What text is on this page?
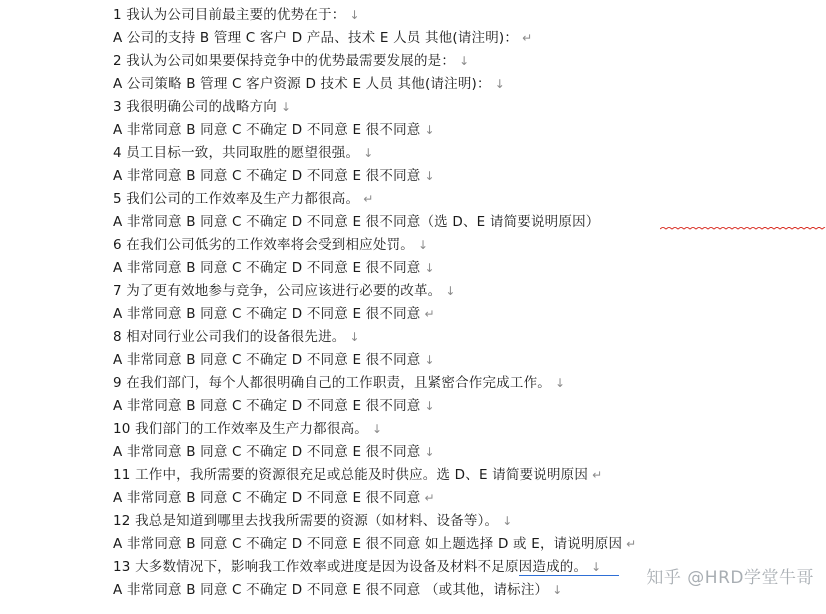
1 我认为公司目前最主要的优势在于： ↓
A 公司的支持 B 管理 C 客户 D 产品、技术 E 人员 其他(请注明)： ↵
2 我认为公司如果要保持竞争中的优势最需要发展的是： ↓
A 公司策略 B 管理 C 客户资源 D 技术 E 人员 其他(请注明)： ↓
3 我很明确公司的战略方向 ↓
A 非常同意 B 同意 C 不确定 D 不同意 E 很不同意 ↓
4 员工目标一致，共同取胜的愿望很强。 ↓
A 非常同意 B 同意 C 不确定 D 不同意 E 很不同意 ↓
5 我们公司的工作效率及生产力都很高。 ↵
A 非常同意 B 同意 C 不确定 D 不同意 E 很不同意（选 D、E 请简要说明原因）
6 在我们公司低劣的工作效率将会受到相应处罚。 ↓
A 非常同意 B 同意 C 不确定 D 不同意 E 很不同意 ↓
7 为了更有效地参与竞争，公司应该进行必要的改革。 ↓
A 非常同意 B 同意 C 不确定 D 不同意 E 很不同意 ↵
8 相对同行业公司我们的设备很先进。 ↓
A 非常同意 B 同意 C 不确定 D 不同意 E 很不同意 ↓
9 在我们部门，每个人都很明确自己的工作职责，且紧密合作完成工作。 ↓
A 非常同意 B 同意 C 不确定 D 不同意 E 很不同意 ↓
10 我们部门的工作效率及生产力都很高。 ↓
A 非常同意 B 同意 C 不确定 D 不同意 E 很不同意 ↓
11 工作中，我所需要的资源很充足或总能及时供应。选 D、E 请简要说明原因 ↵
A 非常同意 B 同意 C 不确定 D 不同意 E 很不同意 ↵
12 我总是知道到哪里去找我所需要的资源（如材料、设备等）。 ↓
A 非常同意 B 同意 C 不确定 D 不同意 E 很不同意 如上题选择 D 或 E，请说明原因 ↵
13 大多数情况下，影响我工作效率或进度是因为设备及材料不足原因造成的。 ↓
A 非常同意 B 同意 C 不确定 D 不同意 E 很不同意 （或其他，请标注） ↓
知乎 @HRD学堂牛哥
